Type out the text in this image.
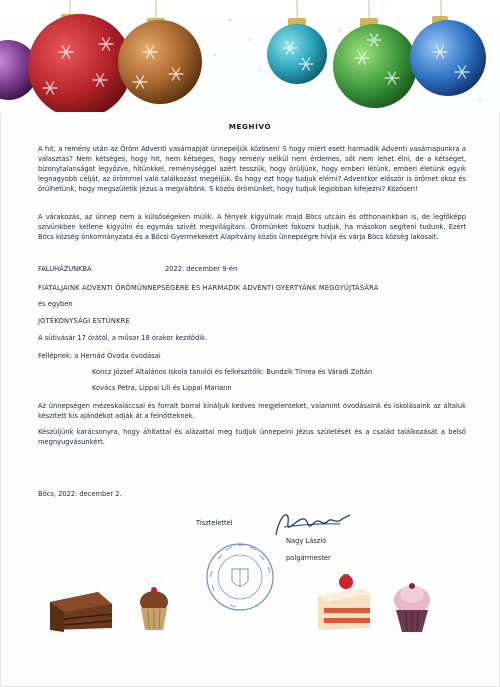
MEGHÍVÓ
A hit, a remény után az Öröm Adventi vasárnapját ünnepeljük közösen! S hogy miért esett harmadik Adventi vasárnapunkra a választás? Nem kétséges, hogy hit, nem kétséges, hogy remény nélkül nem érdemes, sőt nem lehet élni, de a kétséget, bizonytalanságot legyőzve, hitünkkel, reménységgel azért tesszük, hogy örüljünk, hogy emberi létünk, emberi életünk egyik legnagyobb célját, az örömmel való találkozást megéljük. És hogy ezt hogy tudjuk elérni? Adventkor először is örömet okoz és örülhetünk, hogy megszületik Jézus a megváltónk. S közös örömünket, hogy tudjuk legjobban kifejezni? Közösen!
A várakozás, az ünnep nem a külsőségeken múlik. A fények kigyúlnak majd Böcs utcáin és otthonainkban is, de legfőképp szívünkben kellene kigyúlni és egymás szívét megvilágítani. Örömünket fokozni tudjuk, ha másokon segíteni tudunk. Ezért Böcs község önkormányzata és a Böcsi Gyermekekért Alapítvány közös ünnepségre hívja és várja Böcs község lakosait.
FALUHÁZUNKBA	2022. december 9-én
FIATALJAINK ADVENTI ÖRÖMÜNNEPSÉGÉRE ÉS HARMADIK ADVENTI GYERTYÁNK MEGGYÚJTÁSÁRA
és egyben
JÓTÉKONYSÁGI ESTÜNKRE
A sütivásár 17 órától, a műsor 18 órakor kezdődik.
Fellépnek: a Hernád Óvoda óvodásai
Koncz József Általános Iskola tanulói és felkészítőik: Bundzik Tímea és Váradi Zoltán
Kovács Petra, Lippai Lili és Lippai Mariann
Az ünnepségen mézeskaláccsal és forralt borral kínáljuk kedves megjelenteket, valamint óvodásaink és iskolásaink az általuk készített kis ajándékot adják át a felnőtteknek.
Készüljünk karácsonyra, hogy áhítattal és alázattal meg tudjuk ünnepelni Jézus születését és a család találkozását a belső megnyugvásunkért.
Böcs, 2022. december 2.
Tisztelettel
Nagy László
polgármester
